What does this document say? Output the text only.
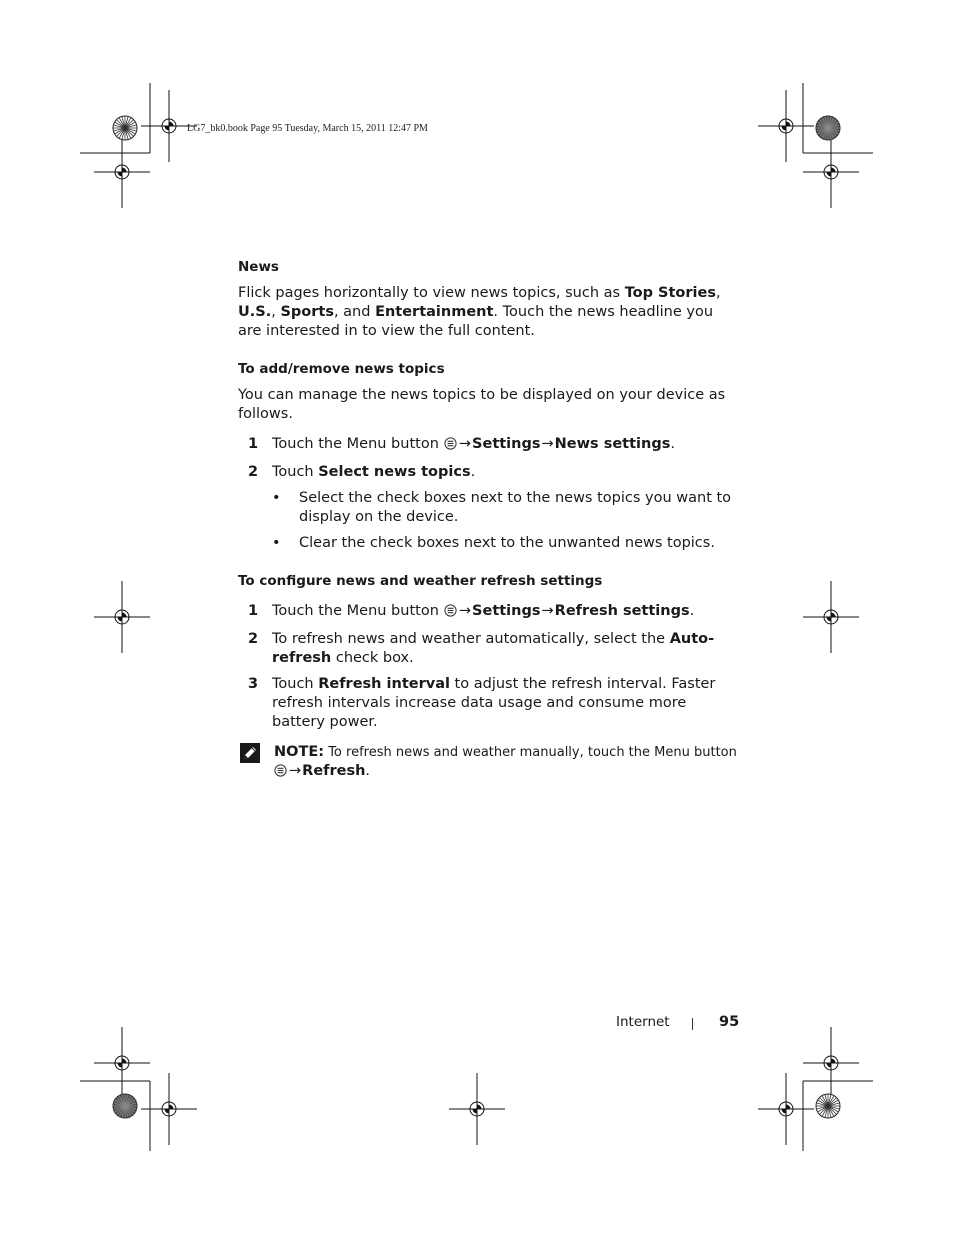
LG7_bk0.book Page 95 Tuesday, March 15, 2011 12:47 PM
News

Flick pages horizontally to view news topics, such as Top Stories, U.S., Sports, and Entertainment. Touch the news headline you are interested in to view the full content.

To add/remove news topics

You can manage the news topics to be displayed on your device as follows.

1 Touch the Menu button →Settings→News settings.
2 Touch Select news topics.
• Select the check boxes next to the news topics you want to display on the device.
• Clear the check boxes next to the unwanted news topics.
To configure news and weather refresh settings
1 Touch the Menu button →Settings→Refresh settings.
2 To refresh news and weather automatically, select the Auto-refresh check box.
3 Touch Refresh interval to adjust the refresh interval. Faster refresh intervals increase data usage and consume more battery power.
NOTE: To refresh news and weather manually, touch the Menu button
→Refresh.
Internet	95
